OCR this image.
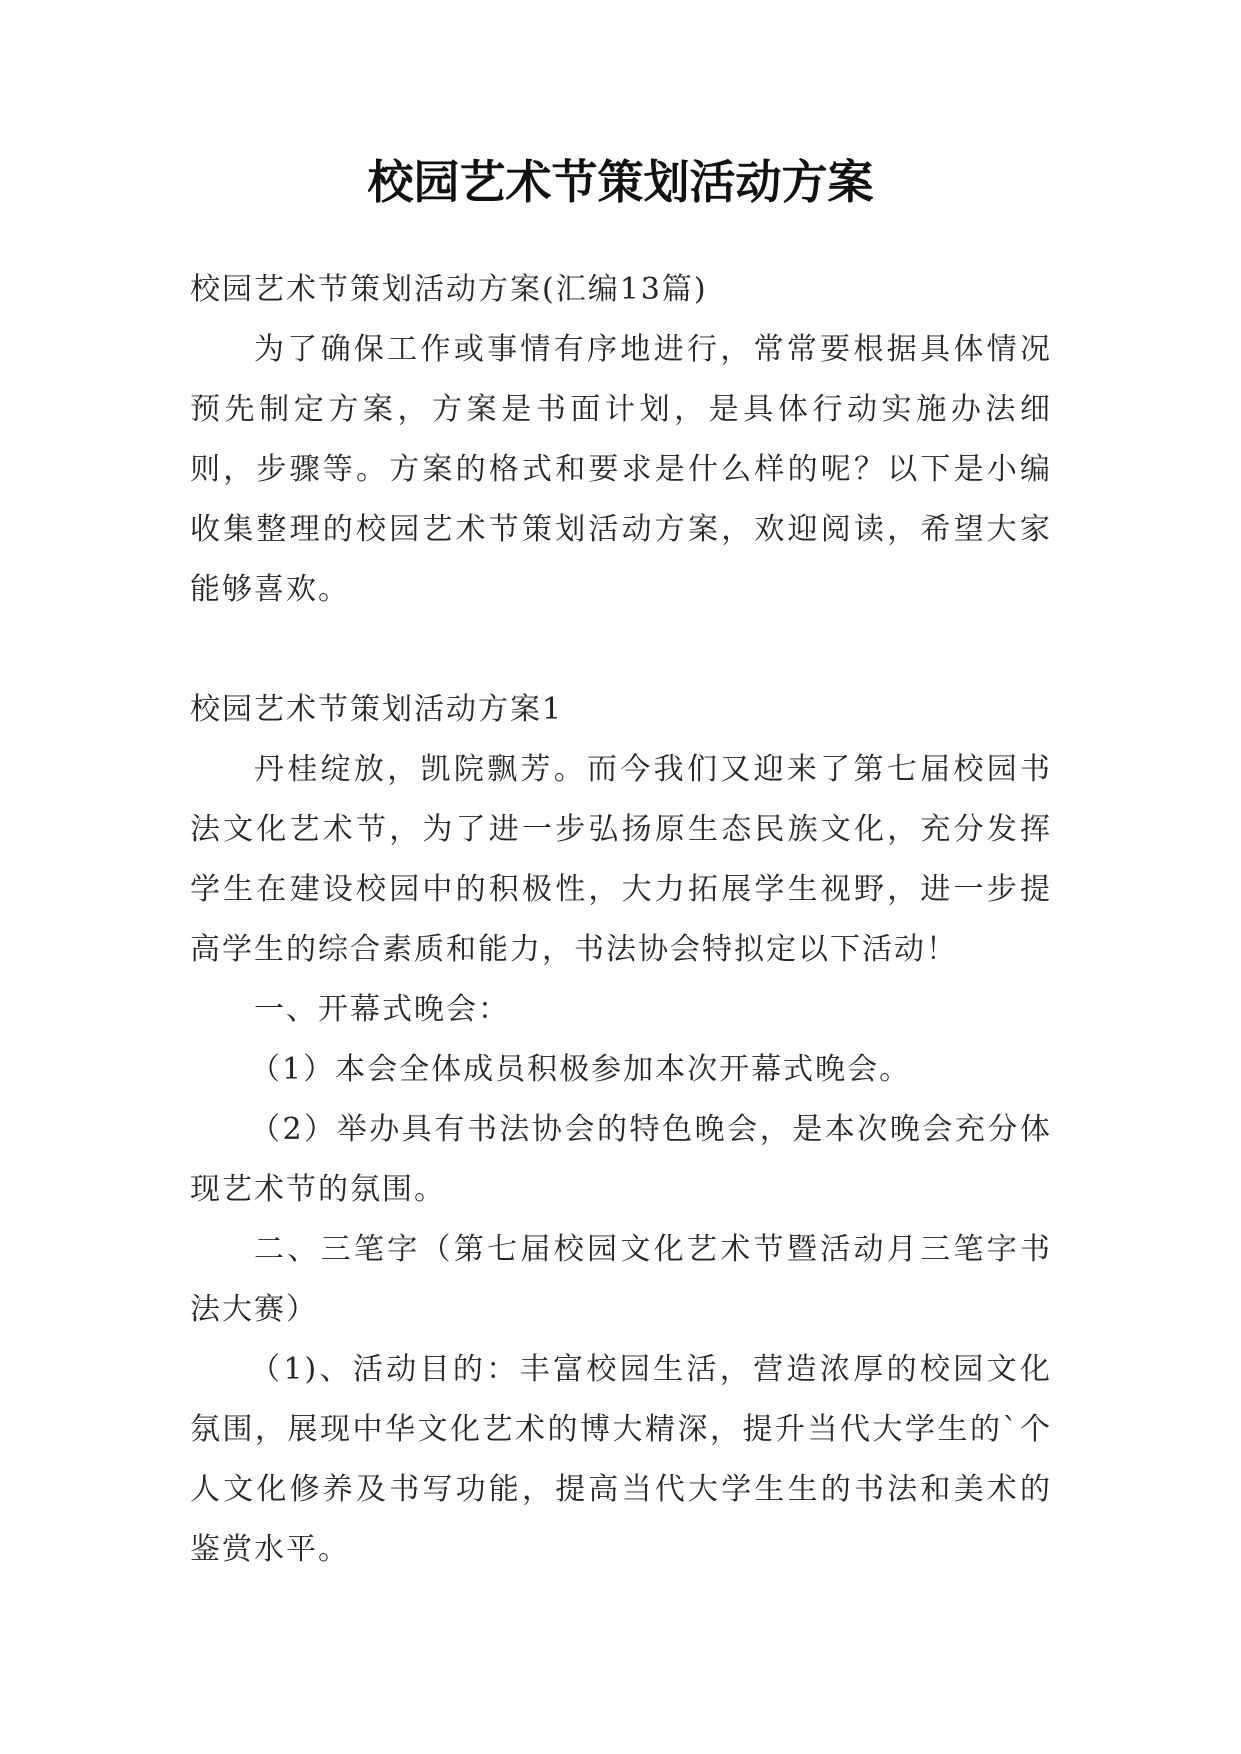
校园艺术节策划活动方案

校园艺术节策划活动方案(汇编13篇)

为了确保工作或事情有序地进行，常常要根据具体情况预先制定方案，方案是书面计划，是具体行动实施办法细则，步骤等。方案的格式和要求是什么样的呢？以下是小编收集整理的校园艺术节策划活动方案，欢迎阅读，希望大家能够喜欢。

校园艺术节策划活动方案1

丹桂绽放，凯院飘芳。而今我们又迎来了第七届校园书法文化艺术节，为了进一步弘扬原生态民族文化，充分发挥学生在建设校园中的积极性，大力拓展学生视野，进一步提高学生的综合素质和能力，书法协会特拟定以下活动！

一、开幕式晚会：

（1）本会全体成员积极参加本次开幕式晚会。

（2）举办具有书法协会的特色晚会，是本次晚会充分体现艺术节的氛围。

二、三笔字（第七届校园文化艺术节暨活动月三笔字书法大赛）

（1)、活动目的：丰富校园生活，营造浓厚的校园文化氛围，展现中华文化艺术的博大精深，提升当代大学生的`个人文化修养及书写功能，提高当代大学生生的书法和美术的鉴赏水平。
